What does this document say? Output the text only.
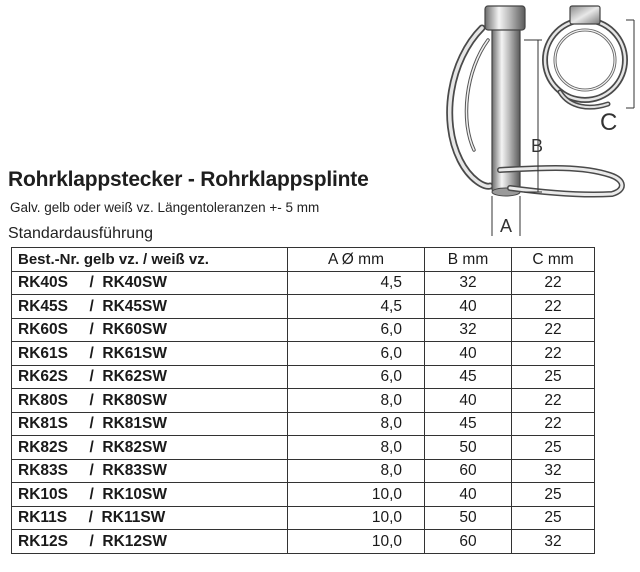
B
A
C
Rohrklappstecker - Rohrklappsplinte
Galv. gelb oder weiß vz. Längentoleranzen +- 5 mm
Standardausführung
Best.-Nr. gelb vz. / weiß vz.	A Ø mm	B mm	C mm
RK40S     /  RK40SW	4,5	32	22
RK45S     /  RK45SW	4,5	40	22
RK60S     /  RK60SW	6,0	32	22
RK61S     /  RK61SW	6,0	40	22
RK62S     /  RK62SW	6,0	45	25
RK80S     /  RK80SW	8,0	40	22
RK81S     /  RK81SW	8,0	45	22
RK82S     /  RK82SW	8,0	50	25
RK83S     /  RK83SW	8,0	60	32
RK10S     /  RK10SW	10,0	40	25
RK11S     /  RK11SW	10,0	50	25
RK12S     /  RK12SW	10,0	60	32
